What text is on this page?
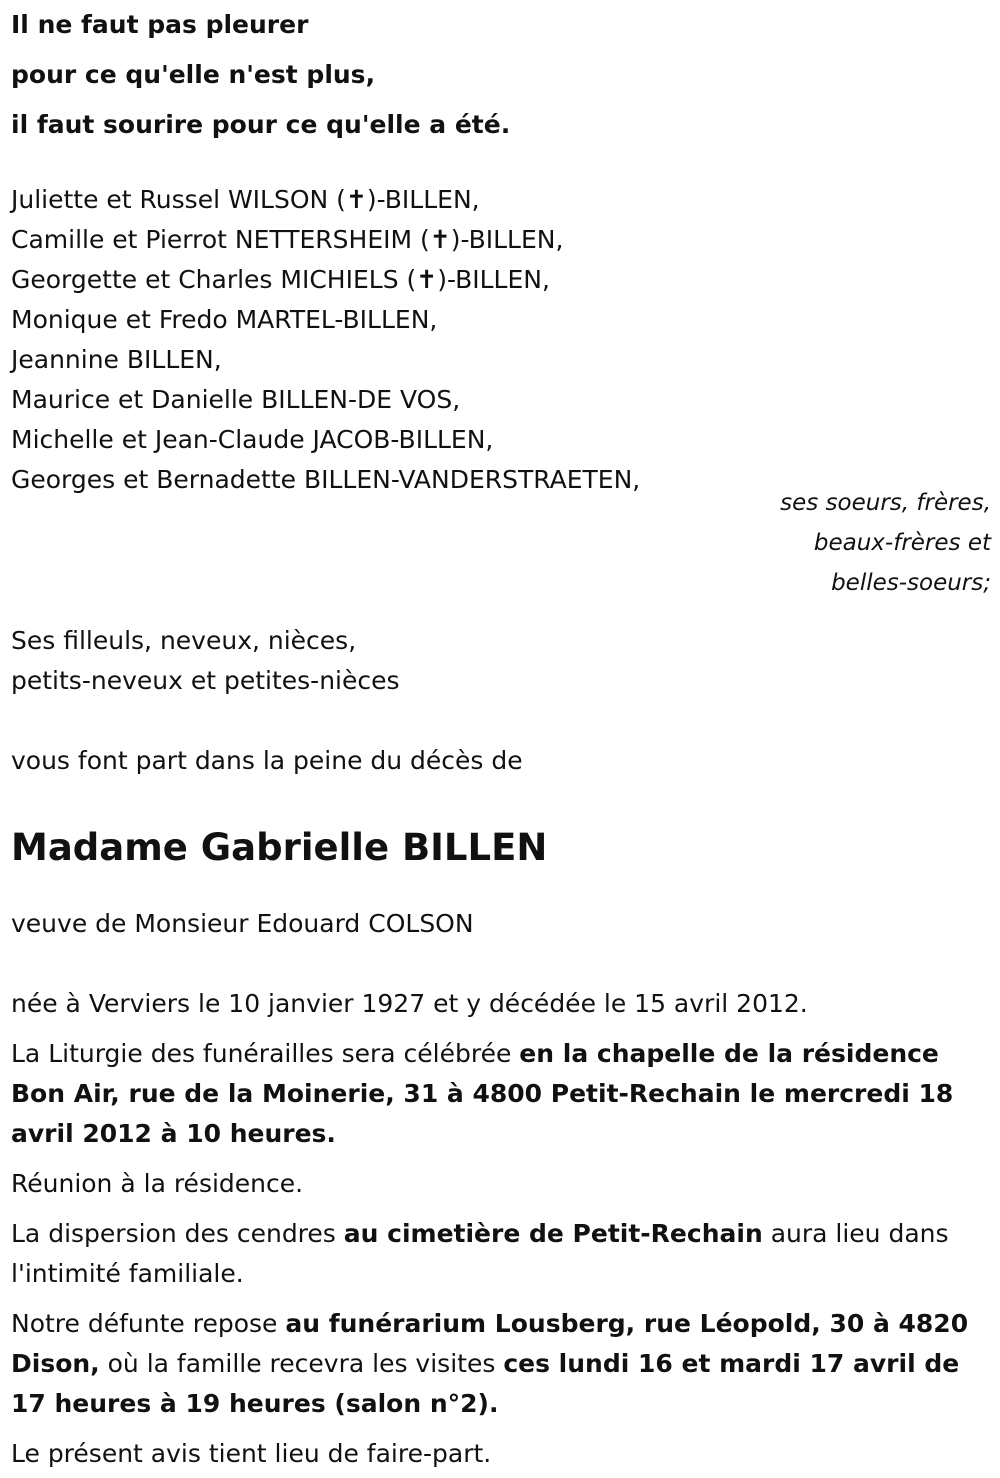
Il ne faut pas pleurer

pour ce qu'elle n'est plus,

il faut sourire pour ce qu'elle a été.

Juliette et Russel WILSON (✝)-BILLEN,
Camille et Pierrot NETTERSHEIM (✝)-BILLEN,
Georgette et Charles MICHIELS (✝)-BILLEN,
Monique et Fredo MARTEL-BILLEN,
Jeannine BILLEN,
Maurice et Danielle BILLEN-DE VOS,
Michelle et Jean-Claude JACOB-BILLEN,
Georges et Bernadette BILLEN-VANDERSTRAETEN,
ses soeurs, frères,
beaux-frères et
belles-soeurs;
Ses filleuls, neveux, nièces,
petits-neveux et petites-nièces
vous font part dans la peine du décès de
Madame Gabrielle BILLEN
veuve de Monsieur Edouard COLSON
née à Verviers le 10 janvier 1927 et y décédée le 15 avril 2012.
La Liturgie des funérailles sera célébrée en la chapelle de la résidence Bon Air, rue de la Moinerie, 31 à 4800 Petit-Rechain le mercredi 18 avril 2012 à 10 heures.
Réunion à la résidence.
La dispersion des cendres au cimetière de Petit-Rechain aura lieu dans l'intimité familiale.
Notre défunte repose au funérarium Lousberg, rue Léopold, 30 à 4820 Dison, où la famille recevra les visites ces lundi 16 et mardi 17 avril de 17 heures à 19 heures (salon n°2).
Le présent avis tient lieu de faire-part.
